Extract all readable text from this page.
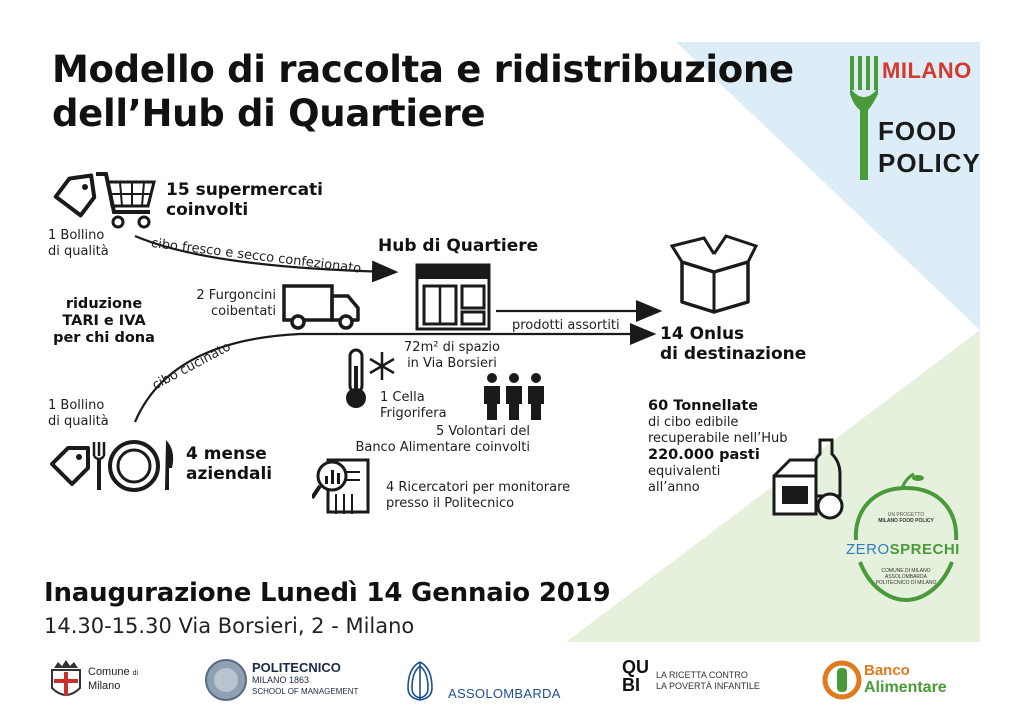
Modello di raccolta e ridistribuzione
dell’Hub di Quartiere
MILANO
FOOD
POLICY
15 supermercati
coinvolti
1 Bollino
di qualità	cibo fresco e secco confezionato
riduzione
TARI e IVA
per chi dona
2 Furgoncini
coibentati
Hub di Quartiere
72m² di spazio
in Via Borsieri
1 Cella
Frigorifera
5 Volontari del
Banco Alimentare coinvolti
4 Ricercatori per monitorare
presso il Politecnico
1 Bollino
di qualità
cibo cucinato
4 mense
aziendali
prodotti assortiti 14 Onlus
di destinazione
60 Tonnellate
di cibo edibile
recuperabile nell’Hub
220.000 pasti
equivalenti
all’anno
UN PROGETTO
MILANO FOOD POLICY
ZEROSPRECHI
COMUNE DI MILANO
ASSOLOMBARDA
POLITECNICO DI MILANO
Inaugurazione Lunedì 14 Gennaio 2019
14.30-15.30 Via Borsieri, 2 - Milano
Comune di
Milano
POLITECNICO
MILANO 1863
SCHOOL OF MANAGEMENT	ASSOLOMBARDA
QU
BI	LA RICETTA CONTRO
LA POVERTÀ INFANTILE
Banco
Alimentare
